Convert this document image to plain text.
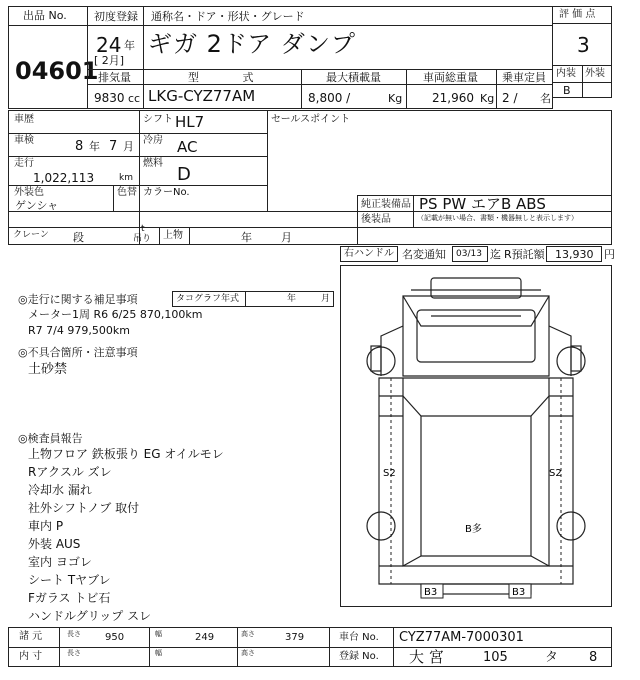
出品 No.
04601
初度登録 通称名・ドア・形状・グレード
24 年
[ 2月]
ギガ 2ドア ダンプ
評 価 点
3
内装 外装
B
排気量	型 式	最大積載量	車両総重量 乗車定員
9830 cc LKG-CYZ77AM	8,800 /	Kg 21,960 Kg 2 / 名
車歴	シフト HL7	セールスポイント
車検	8 年 7 月 冷房 AC
走行
1,022,113	km
燃料
D
外装色
ゲンシャ
色替 カラーNo.
純正装備品 PS PW エアB ABS
後装品	（記載が無い場合、書類・機器無しと表示します）
クレーン 段
t
吊り 上物	年	月
右ハンドル 名変通知 03/13 迄 R預託額 13,930 円
◎走行に関する補足事項	タコグラフ年式	年	月
メーター1周 R6 6/25 870,100km
R7 7/4 979,500km
◎不具合箇所・注意事項
土砂禁
◎検査員報告
上物フロア 鉄板張り EG オイルモレ
Rアクスル ズレ
冷却水 漏れ
社外シフトノブ 取付
車内 P
外装 AUS
室内 ヨゴレ
シート Tヤブレ
Fガラス トビ石
ハンドルグリップ スレ
S2	S2
B多
B3	B3
諸 元	長さ 950	幅	249	高さ	379	車台 No. CYZ77AM-7000301
内 寸	長さ	幅	高さ	登録 No. 大 宮	105	タ 8
